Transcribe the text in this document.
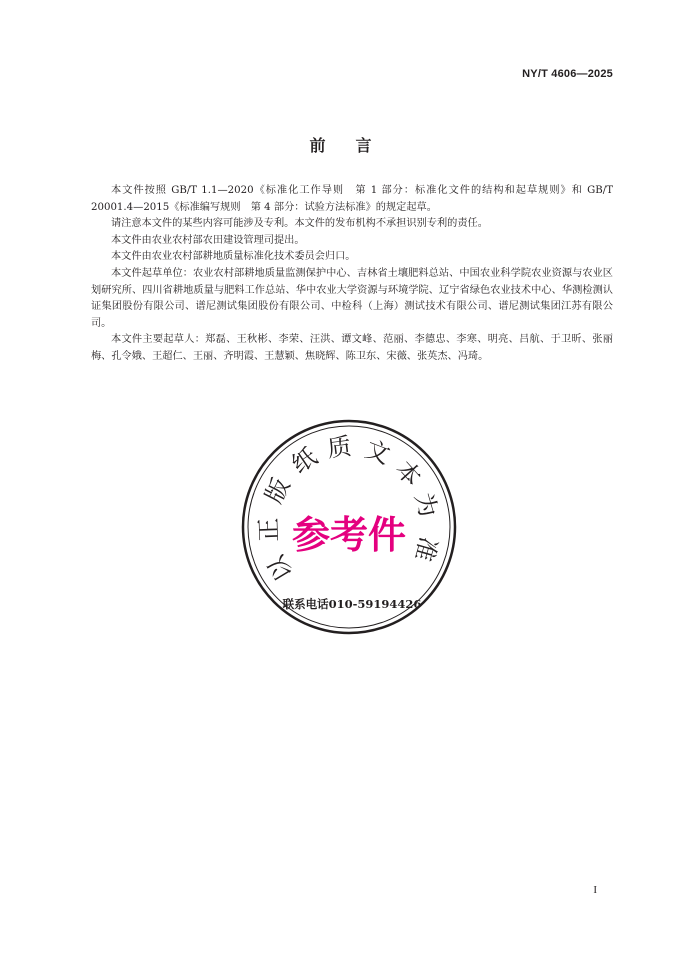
NY/T 4606—2025
前言

本文件按照 GB/T 1.1—2020《标准化工作导则　第 1 部分：标准化文件的结构和起草规则》和 GB/T 20001.4—2015《标准编写规则　第 4 部分：试验方法标准》的规定起草。

请注意本文件的某些内容可能涉及专利。本文件的发布机构不承担识别专利的责任。

本文件由农业农村部农田建设管理司提出。

本文件由农业农村部耕地质量标准化技术委员会归口。

本文件起草单位：农业农村部耕地质量监测保护中心、吉林省土壤肥料总站、中国农业科学院农业资源与农业区划研究所、四川省耕地质量与肥料工作总站、华中农业大学资源与环境学院、辽宁省绿色农业技术中心、华测检测认证集团股份有限公司、谱尼测试集团股份有限公司、中检科（上海）测试技术有限公司、谱尼测试集团江苏有限公司。

本文件主要起草人：郑磊、王秋彬、李荣、汪洪、谭文峰、范丽、李德忠、李寒、明亮、吕航、于卫昕、张丽梅、孔令娥、王超仁、王丽、齐明霞、王慧颖、焦晓辉、陈卫东、宋薇、张英杰、冯琦。

以
正
版
纸 质 文
本
为
准
参考件
联系电话010-59194426
I
